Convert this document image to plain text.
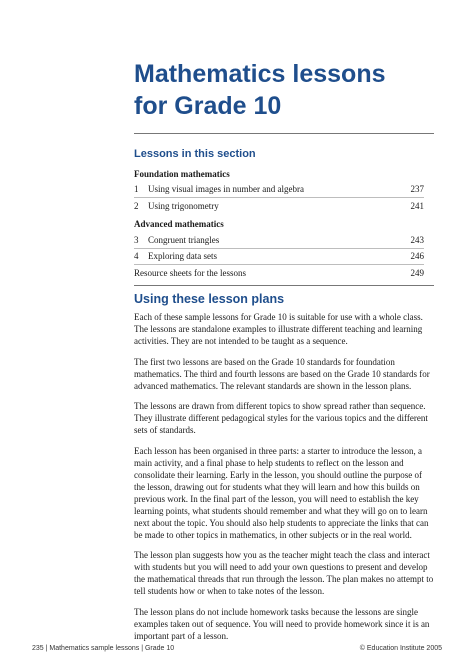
Mathematics lessons
for Grade 10
Lessons in this section
Foundation mathematics
1 Using visual images in number and algebra	237
2 Using trigonometry	241
Advanced mathematics
3 Congruent triangles	243
4 Exploring data sets	246
Resource sheets for the lessons	249
Using these lesson plans

Each of these sample lessons for Grade 10 is suitable for use with a whole class. The lessons are standalone examples to illustrate different teaching and learning activities. They are not intended to be taught as a sequence.

The first two lessons are based on the Grade 10 standards for foundation mathematics. The third and fourth lessons are based on the Grade 10 standards for advanced mathematics. The relevant standards are shown in the lesson plans.

The lessons are drawn from different topics to show spread rather than sequence. They illustrate different pedagogical styles for the various topics and the different sets of standards.

Each lesson has been organised in three parts: a starter to introduce the lesson, a main activity, and a final phase to help students to reflect on the lesson and consolidate their learning. Early in the lesson, you should outline the purpose of the lesson, drawing out for students what they will learn and how this builds on previous work. In the final part of the lesson, you will need to establish the key learning points, what students should remember and what they will go on to learn next about the topic. You should also help students to appreciate the links that can be made to other topics in mathematics, in other subjects or in the real world.

The lesson plan suggests how you as the teacher might teach the class and interact with students but you will need to add your own questions to present and develop the mathematical threads that run through the lesson. The plan makes no attempt to tell students how or when to take notes of the lesson.

The lesson plans do not include homework tasks because the lessons are single examples taken out of sequence. You will need to provide homework since it is an important part of a lesson.

235 | Mathematics sample lessons | Grade 10	© Education Institute 2005
